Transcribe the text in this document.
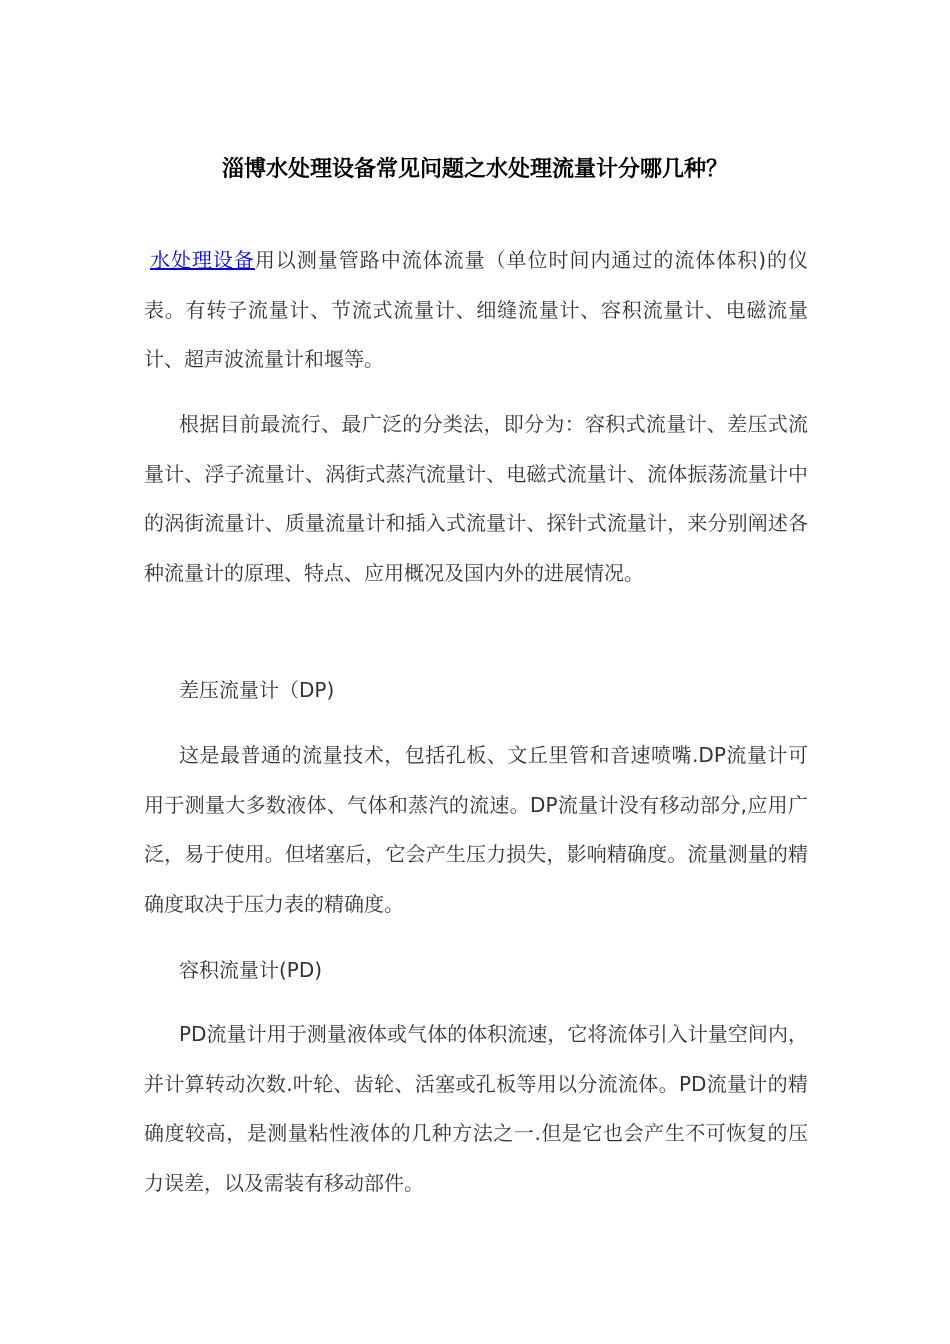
淄博水处理设备常见问题之水处理流量计分哪几种？

水处理设备用以测量管路中流体流量（单位时间内通过的流体体积)的仪表。有转子流量计、节流式流量计、细缝流量计、容积流量计、电磁流量计、超声波流量计和堰等。

根据目前最流行、最广泛的分类法，即分为：容积式流量计、差压式流量计、浮子流量计、涡街式蒸汽流量计、电磁式流量计、流体振荡流量计中的涡街流量计、质量流量计和插入式流量计、探针式流量计，来分别阐述各种流量计的原理、特点、应用概况及国内外的进展情况。

差压流量计（DP)

这是最普通的流量技术，包括孔板、文丘里管和音速喷嘴.DP流量计可用于测量大多数液体、气体和蒸汽的流速。DP流量计没有移动部分,应用广泛，易于使用。但堵塞后，它会产生压力损失，影响精确度。流量测量的精确度取决于压力表的精确度。

容积流量计(PD)

PD流量计用于测量液体或气体的体积流速，它将流体引入计量空间内，并计算转动次数.叶轮、齿轮、活塞或孔板等用以分流流体。PD流量计的精确度较高，是测量粘性液体的几种方法之一.但是它也会产生不可恢复的压力误差，以及需装有移动部件。
